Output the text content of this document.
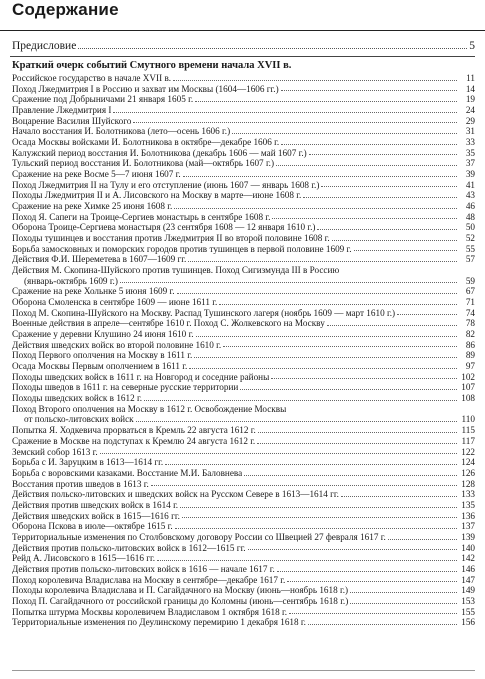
Содержание
Предисловие	5
Краткий очерк событий Смутного времени начала XVII в.
Российское государство в начале XVII в.	11
Поход Лжедмитрия I в Россию и захват им Москвы (1604—1606 гг.)	14
Сражение под Добрыничами 21 января 1605 г.	19
Правление Лжедмитрия I	24
Воцарение Василия Шуйского	29
Начало восстания И. Болотникова (лето—осень 1606 г.)	31
Осада Москвы войсками И. Болотникова в октябре—декабре 1606 г.	33
Калужский период восстания И. Болотникова (декабрь 1606 — май 1607 г.)	35
Тульский период восстания И. Болотникова (май—октябрь 1607 г.)	37
Сражение на реке Восме 5—7 июня 1607 г.	39
Поход Лжедмитрия II на Тулу и его отступление (июнь 1607 — январь 1608 г.)	41
Походы Лжедмитрия II и А. Лисовского на Москву в марте—июне 1608 г.	43
Сражение на реке Химке 25 июня 1608 г.	46
Поход Я. Сапеги на Троице-Сергиев монастырь в сентябре 1608 г.	48
Оборона Троице-Сергиева монастыря (23 сентября 1608 — 12 января 1610 г.)	50
Походы тушинцев и восстания против Лжедмитрия II во второй половине 1608 г.	52
Борьба замосковных и поморских городов против тушинцев в первой половине 1609 г.	55
Действия Ф.И. Шереметева в 1607—1609 гг.	57
Действия М. Скопина-Шуйского против тушинцев. Поход Сигизмунда III в Россию
(январь-октябрь 1609 г.)	59
Сражение на реке Хольнке 5 июня 1609 г.	67
Оборона Смоленска в сентябре 1609 — июне 1611 г.	71
Поход М. Скопина-Шуйского на Москву. Распад Тушинского лагеря (ноябрь 1609 — март 1610 г.)	74
Военные действия в апреле—сентябре 1610 г. Поход С. Жолкевского на Москву	78
Сражение у деревни Клушино 24 июня 1610 г.	82
Действия шведских войск во второй половине 1610 г.	86
Поход Первого ополчения на Москву в 1611 г.	89
Осада Москвы Первым ополчением в 1611 г.	97
Походы шведских войск в 1611 г. на Новгород и соседние районы	102
Походы шведов в 1611 г. на северные русские территории	107
Походы шведских войск в 1612 г.	108
Поход Второго ополчения на Москву в 1612 г. Освобождение Москвы
от польско-литовских войск	110
Попытка Я. Ходкевича прорваться в Кремль 22 августа 1612 г.	115
Сражение в Москве на подступах к Кремлю 24 августа 1612 г.	117
Земский собор 1613 г.	122
Борьба с И. Заруцким в 1613—1614 гг.	124
Борьба с воровскими казаками. Восстание М.И. Баловнева	126
Восстания против шведов в 1613 г.	128
Действия польско-литовских и шведских войск на Русском Севере в 1613—1614 гг.	133
Действия против шведских войск в 1614 г.	135
Действия шведских войск в 1615—1616 гг.	136
Оборона Пскова в июле—октябре 1615 г.	137
Территориальные изменения по Столбовскому договору России со Швецией 27 февраля 1617 г.	139
Действия против польско-литовских войск в 1612—1615 гг.	140
Рейд А. Лисовского в 1615—1616 гг.	142
Действия против польско-литовских войск в 1616 — начале 1617 г.	146
Поход королевича Владислава на Москву в сентябре—декабре 1617 г.	147
Походы королевича Владислава и П. Сагайдачного на Москву (июнь—ноябрь 1618 г.)	149
Поход П. Сагайдачного от российской границы до Коломны (июнь—сентябрь 1618 г.)	153
Попытка штурма Москвы королевичем Владиславом 1 октября 1618 г.	155
Территориальные изменения по Деулинскому перемирию 1 декабря 1618 г.	156
